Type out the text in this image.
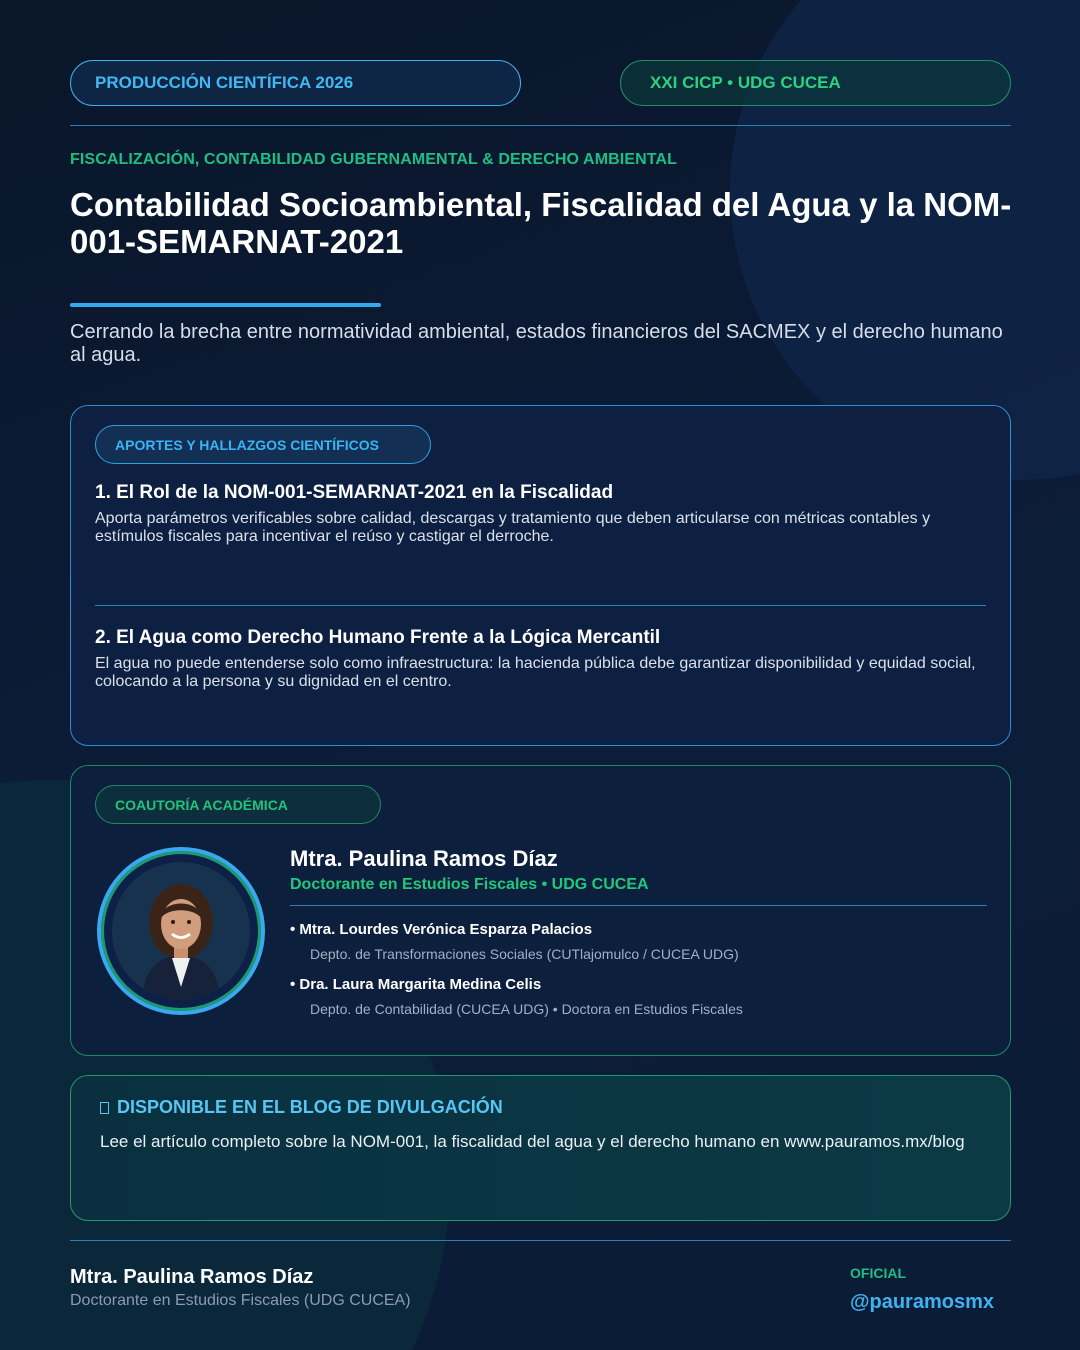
PRODUCCIÓN CIENTÍFICA 2026	XXI CICP • UDG CUCEA
FISCALIZACIÓN, CONTABILIDAD GUBERNAMENTAL & DERECHO AMBIENTAL
Contabilidad Socioambiental, Fiscalidad del Agua y la NOM-001-SEMARNAT-2021

Cerrando la brecha entre normatividad ambiental, estados financieros del SACMEX y el derecho humano al agua.

APORTES Y HALLAZGOS CIENTÍFICOS
1. El Rol de la NOM-001-SEMARNAT-2021 en la Fiscalidad

Aporta parámetros verificables sobre calidad, descargas y tratamiento que deben articularse con métricas contables y estímulos fiscales para incentivar el reúso y castigar el derroche.

2. El Agua como Derecho Humano Frente a la Lógica Mercantil

El agua no puede entenderse solo como infraestructura: la hacienda pública debe garantizar disponibilidad y equidad social, colocando a la persona y su dignidad en el centro.

COAUTORÍA ACADÉMICA
Mtra. Paulina Ramos Díaz
Doctorante en Estudios Fiscales • UDG CUCEA
• Mtra. Lourdes Verónica Esparza Palacios
Depto. de Transformaciones Sociales (CUTlajomulco / CUCEA UDG)
• Dra. Laura Margarita Medina Celis
Depto. de Contabilidad (CUCEA UDG) • Doctora en Estudios Fiscales
DISPONIBLE EN EL BLOG DE DIVULGACIÓN
Lee el artículo completo sobre la NOM-001, la fiscalidad del agua y el derecho humano en www.pauramos.mx/blog
Mtra. Paulina Ramos Díaz
Doctorante en Estudios Fiscales (UDG CUCEA)
OFICIAL
@pauramosmx
